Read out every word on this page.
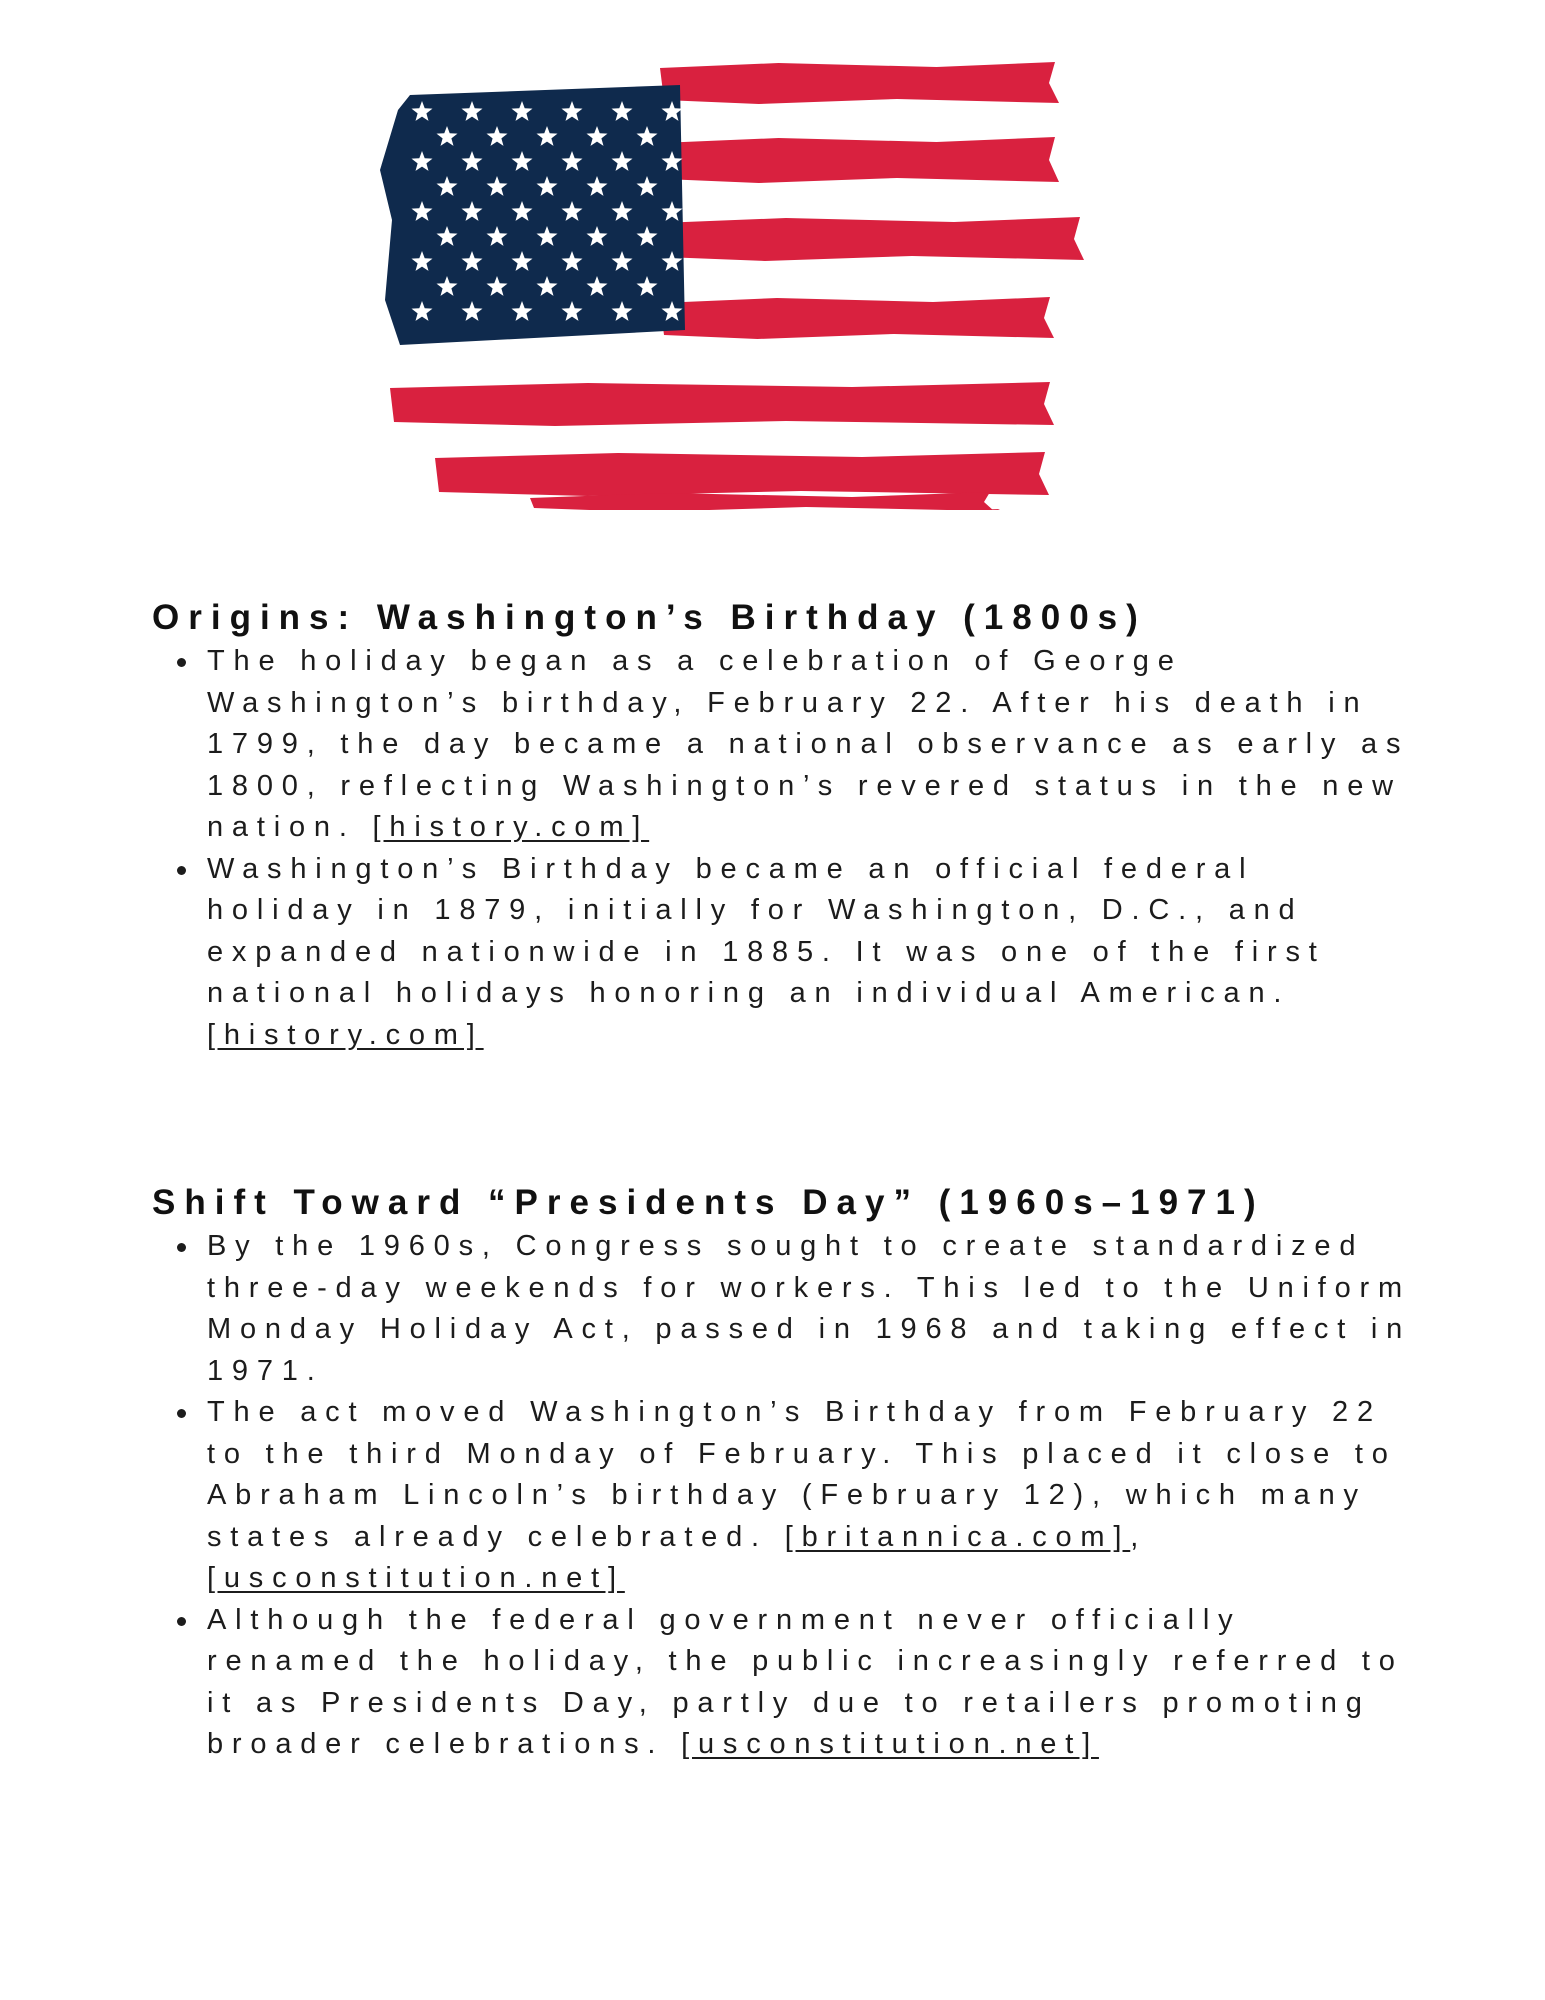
Origins: Washington’s Birthday (1800s)
The holiday began as a celebration of George Washington’s birthday, February 22. After his death in 1799, the day became a national observance as early as 1800, reflecting Washington’s revered status in the new nation. [history.com]
Washington’s Birthday became an official federal holiday in 1879, initially for Washington, D.C., and expanded nationwide in 1885. It was one of the first national holidays honoring an individual American. [history.com]
Shift Toward “Presidents Day” (1960s–1971)
By the 1960s, Congress sought to create standardized three-day weekends for workers. This led to the Uniform Monday Holiday Act, passed in 1968 and taking effect in 1971.
The act moved Washington’s Birthday from February 22 to the third Monday of February. This placed it close to Abraham Lincoln’s birthday (February 12), which many states already celebrated. [britannica.com], [usconstitution.net]
Although the federal government never officially renamed the holiday, the public increasingly referred to it as Presidents Day, partly due to retailers promoting broader celebrations. [usconstitution.net]
